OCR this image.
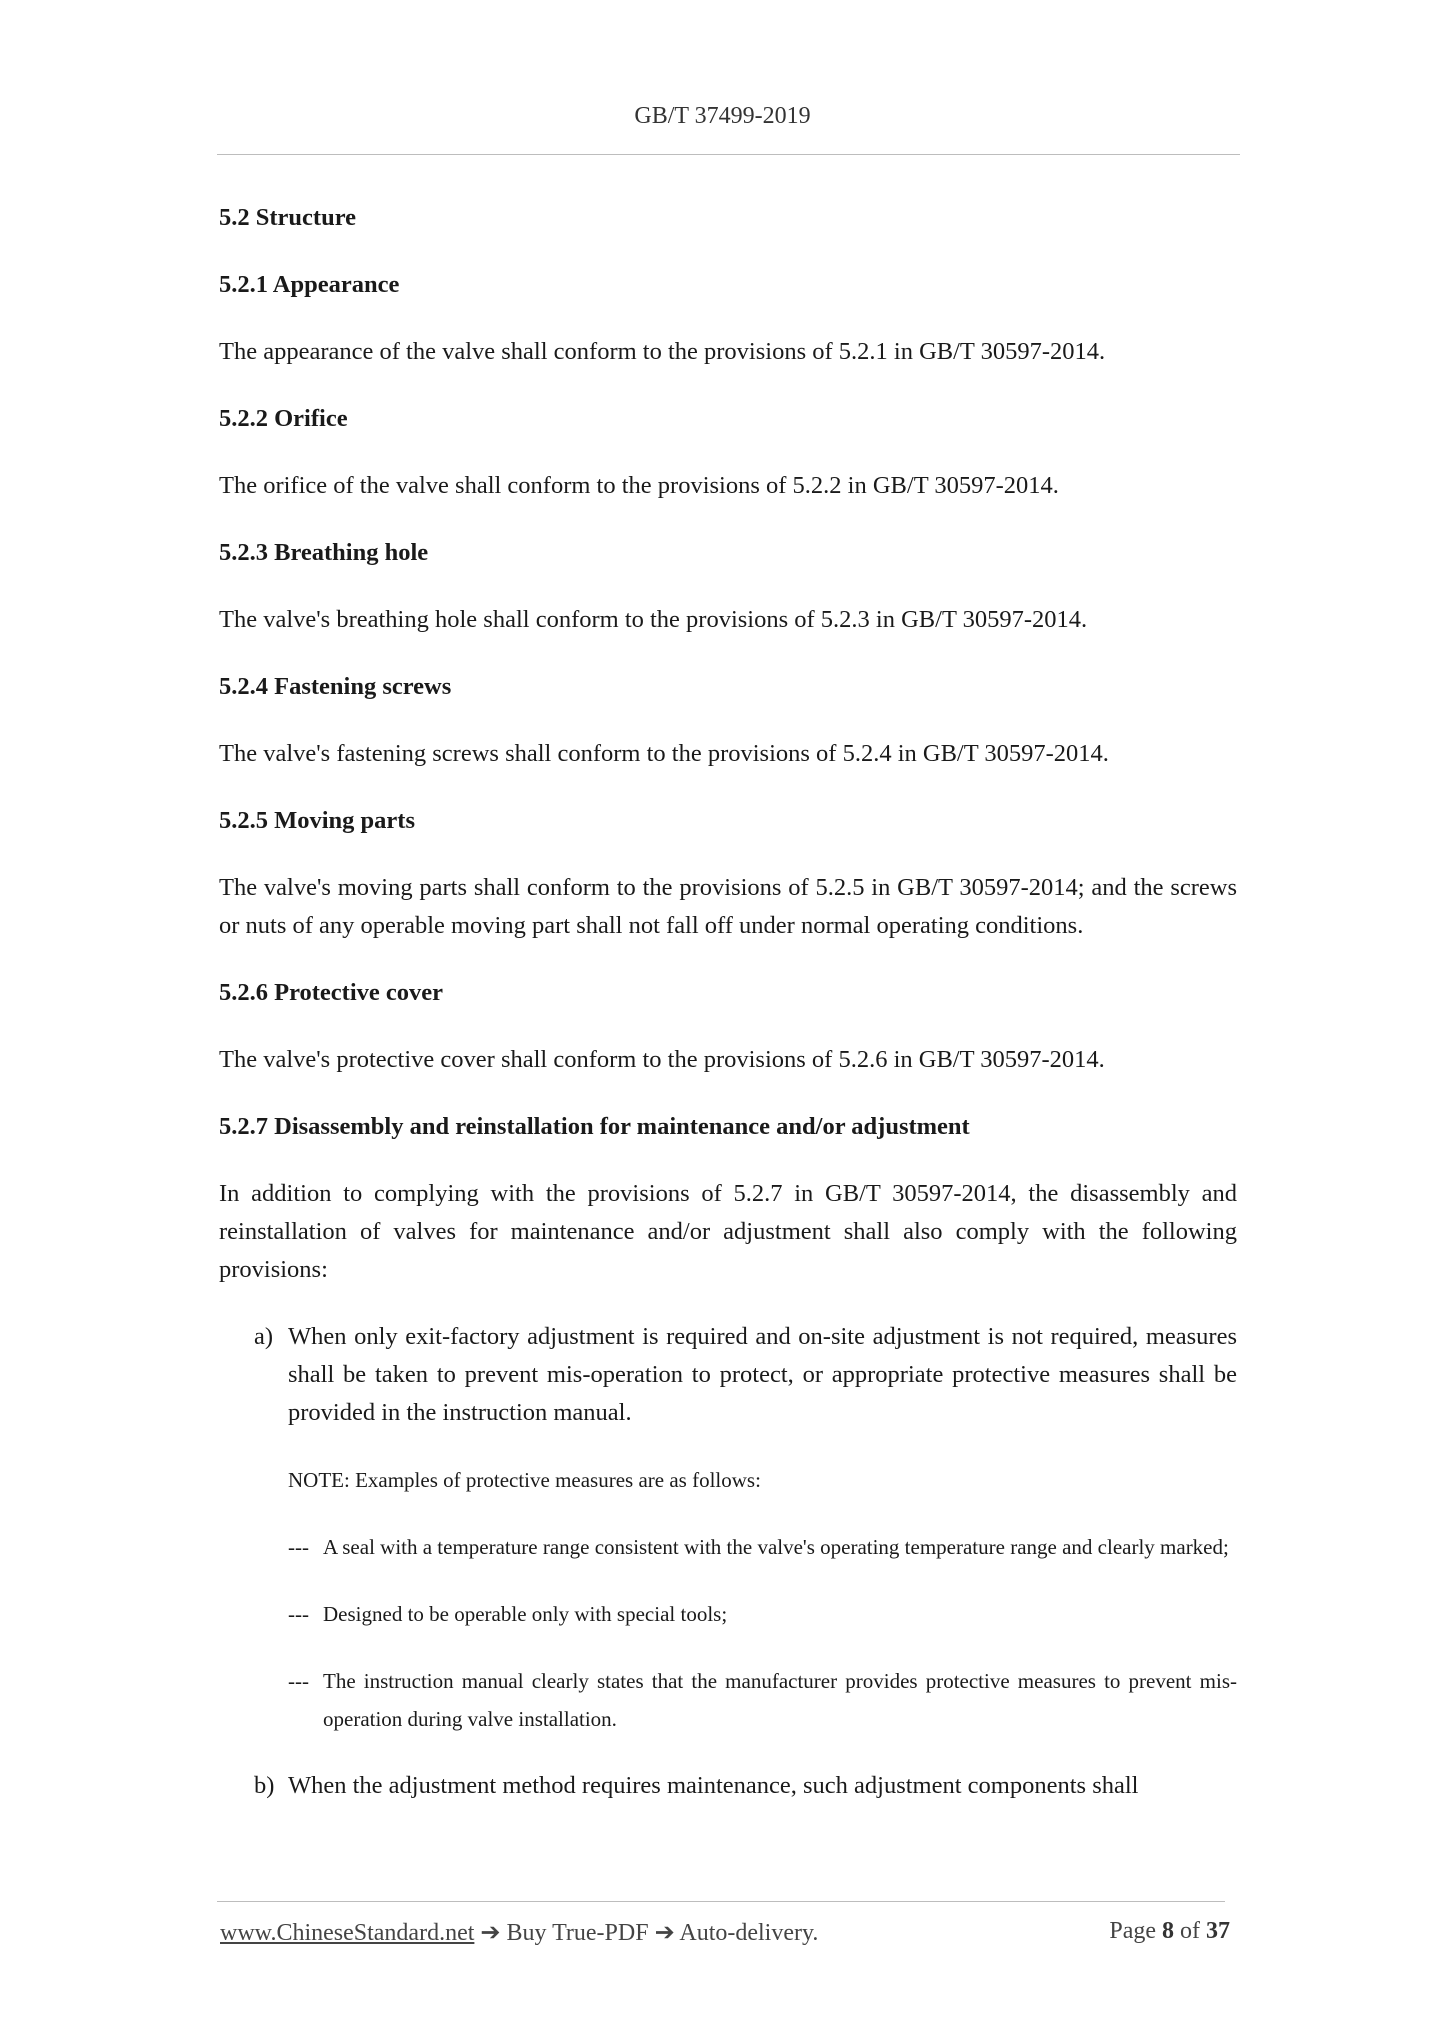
GB/T 37499-2019
5.2 Structure
5.2.1 Appearance

The appearance of the valve shall conform to the provisions of 5.2.1 in GB/T 30597-2014.

5.2.2 Orifice

The orifice of the valve shall conform to the provisions of 5.2.2 in GB/T 30597-2014.

5.2.3 Breathing hole

The valve's breathing hole shall conform to the provisions of 5.2.3 in GB/T 30597-2014.

5.2.4 Fastening screws

The valve's fastening screws shall conform to the provisions of 5.2.4 in GB/T 30597-2014.

5.2.5 Moving parts

The valve's moving parts shall conform to the provisions of 5.2.5 in GB/T 30597-2014; and the screws or nuts of any operable moving part shall not fall off under normal operating conditions.

5.2.6 Protective cover

The valve's protective cover shall conform to the provisions of 5.2.6 in GB/T 30597-2014.

5.2.7 Disassembly and reinstallation for maintenance and/or adjustment

In addition to complying with the provisions of 5.2.7 in GB/T 30597-2014, the disassembly and reinstallation of valves for maintenance and/or adjustment shall also comply with the following provisions:

a) When only exit-factory adjustment is required and on-site adjustment is not required, measures shall be taken to prevent mis-operation to protect, or appropriate protective measures shall be provided in the instruction manual.
NOTE: Examples of protective measures are as follows:
--- A seal with a temperature range consistent with the valve's operating temperature range and clearly marked;
--- Designed to be operable only with special tools;
--- The instruction manual clearly states that the manufacturer provides protective measures to prevent mis-operation during valve installation.
b) When the adjustment method requires maintenance, such adjustment components shall
www.ChineseStandard.net ➔ Buy True-PDF ➔ Auto-delivery.	Page 8 of 37
